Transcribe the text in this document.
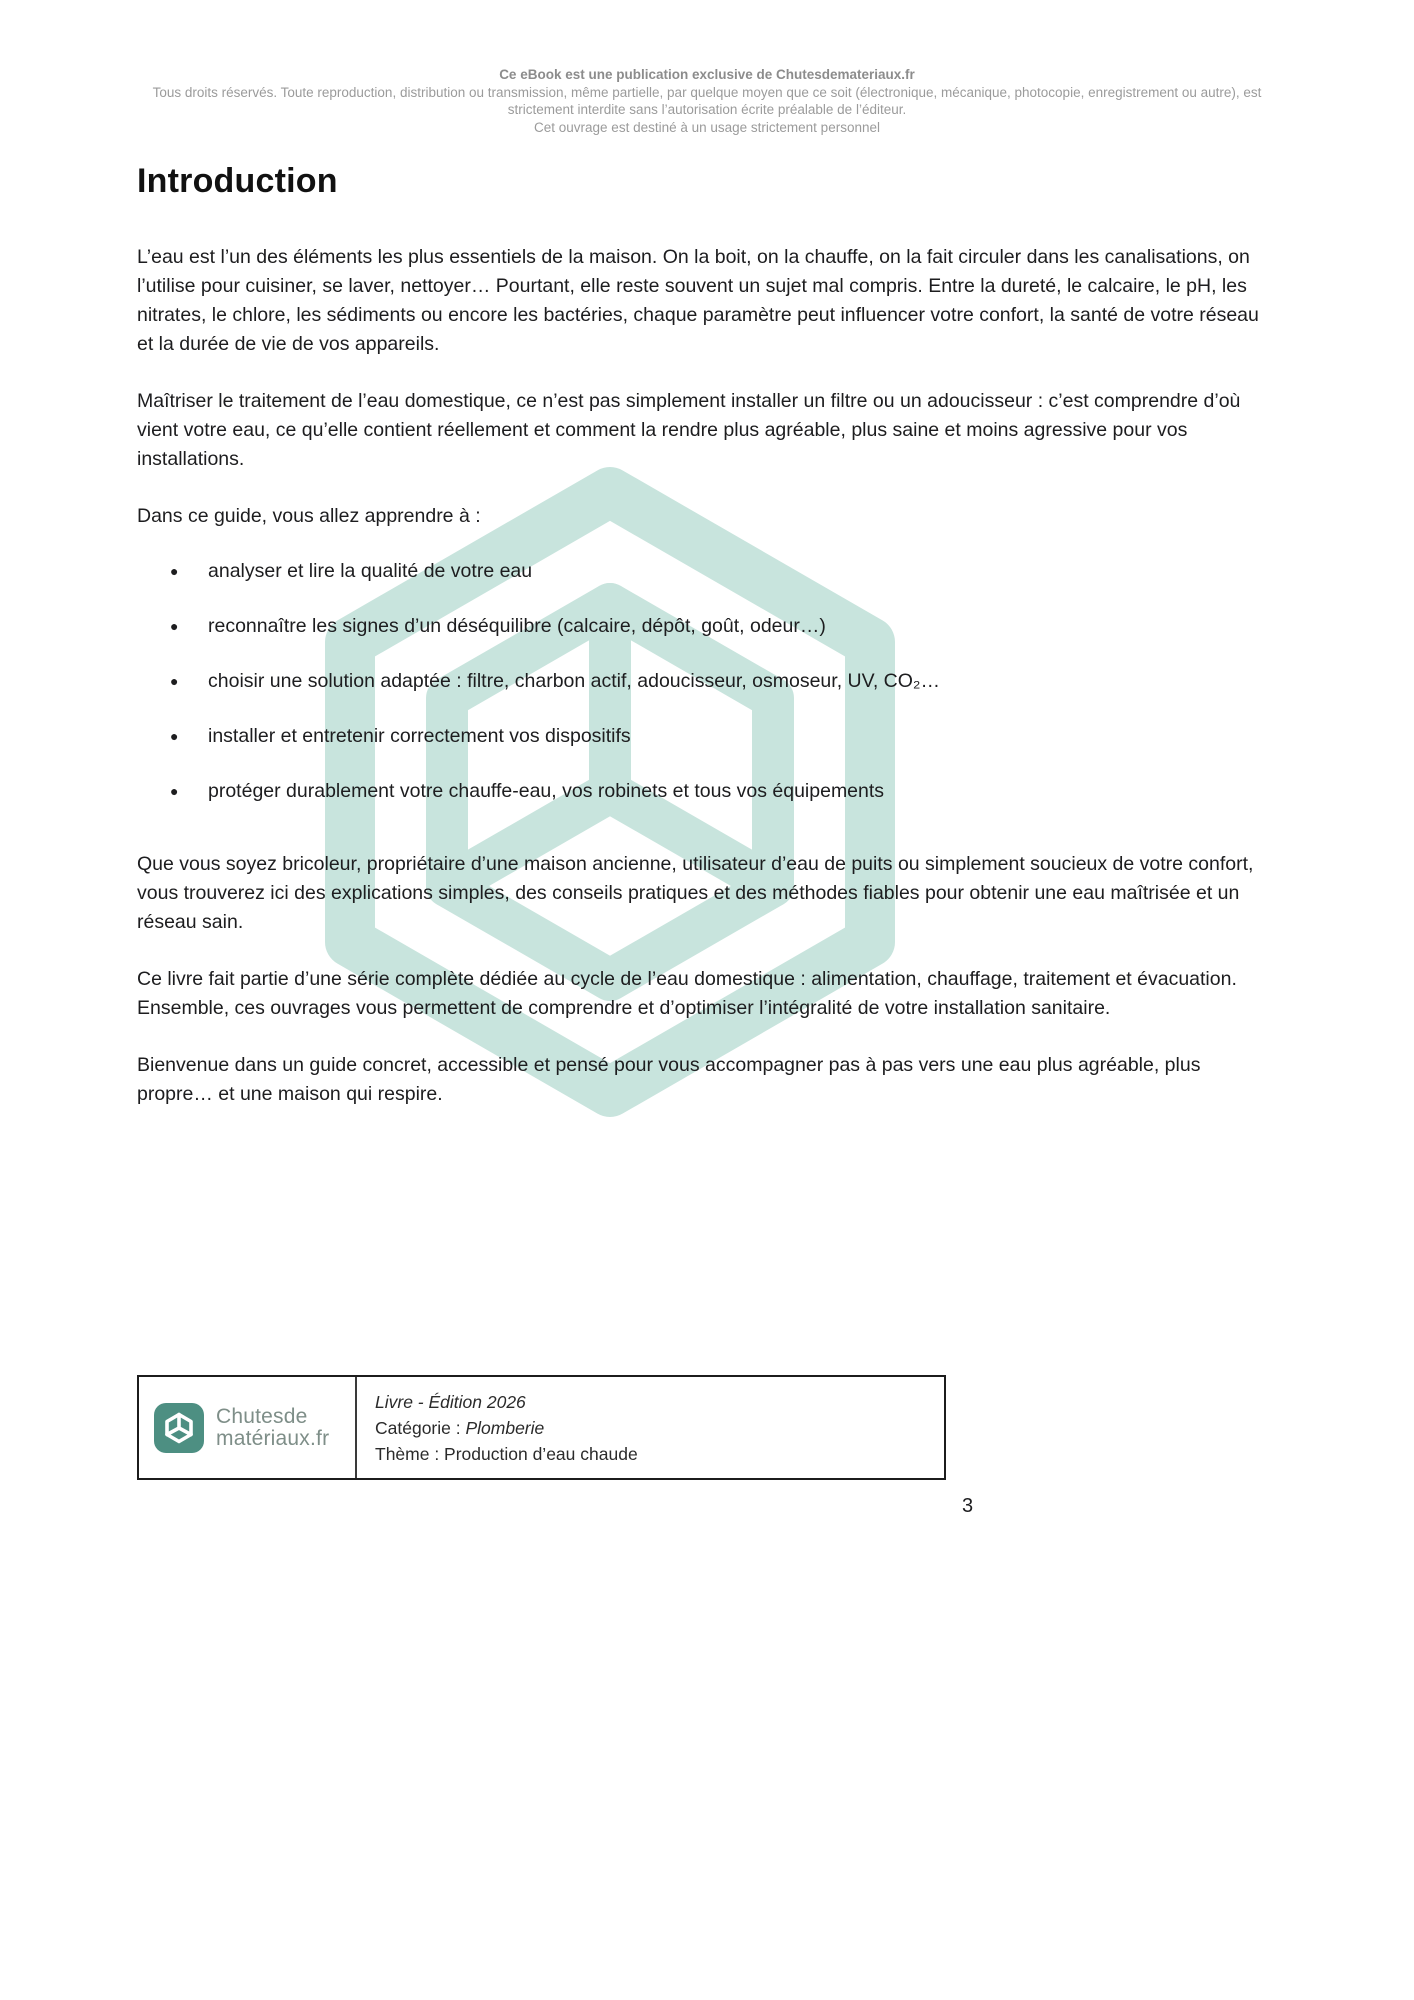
Ce eBook est une publication exclusive de Chutesdemateriaux.fr
Tous droits réservés. Toute reproduction, distribution ou transmission, même partielle, par quelque moyen que ce soit (électronique, mécanique, photocopie, enregistrement ou autre), est strictement interdite sans l’autorisation écrite préalable de l’éditeur.
Cet ouvrage est destiné à un usage strictement personnel
Introduction

L’eau est l’un des éléments les plus essentiels de la maison. On la boit, on la chauffe, on la fait circuler dans les canalisations, on l’utilise pour cuisiner, se laver, nettoyer… Pourtant, elle reste souvent un sujet mal compris. Entre la dureté, le calcaire, le pH, les nitrates, le chlore, les sédiments ou encore les bactéries, chaque paramètre peut influencer votre confort, la santé de votre réseau et la durée de vie de vos appareils.

Maîtriser le traitement de l’eau domestique, ce n’est pas simplement installer un filtre ou un adoucisseur : c’est comprendre d’où vient votre eau, ce qu’elle contient réellement et comment la rendre plus agréable, plus saine et moins agressive pour vos installations.

Dans ce guide, vous allez apprendre à :

● analyser et lire la qualité de votre eau
● reconnaître les signes d’un déséquilibre (calcaire, dépôt, goût, odeur…)
● choisir une solution adaptée : filtre, charbon actif, adoucisseur, osmoseur, UV, CO₂…
● installer et entretenir correctement vos dispositifs
● protéger durablement votre chauffe-eau, vos robinets et tous vos équipements

Que vous soyez bricoleur, propriétaire d’une maison ancienne, utilisateur d’eau de puits ou simplement soucieux de votre confort, vous trouverez ici des explications simples, des conseils pratiques et des méthodes fiables pour obtenir une eau maîtrisée et un réseau sain.

Ce livre fait partie d’une série complète dédiée au cycle de l’eau domestique : alimentation, chauffage, traitement et évacuation. Ensemble, ces ouvrages vous permettent de comprendre et d’optimiser l’intégralité de votre installation sanitaire.

Bienvenue dans un guide concret, accessible et pensé pour vous accompagner pas à pas vers une eau plus agréable, plus propre… et une maison qui respire.

Chutesde
matériaux.fr
Livre - Édition 2026
Catégorie : Plomberie
Thème : Production d’eau chaude
3
